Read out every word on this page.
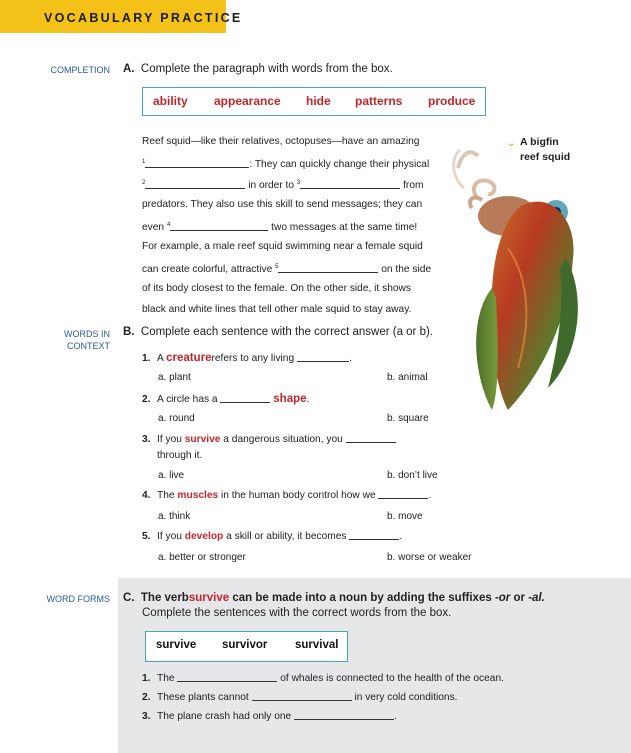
VOCABULARY PRACTICE
COMPLETION
WORDS IN
CONTEXT
WORD FORMS
A. Complete the paragraph with words from the box.
ability appearance hide patterns produce
Reef squid—like their relatives, octopuses—have an amazing
$^1$	: They can quickly change their physical
$^2$	in order to $^3$	from
predators. They also use this skill to send messages; they can
even $^4$	two messages at the same time!
For example, a male reef squid swimming near a female squid
can create colorful, attractive $^5$	on the side
of its body closest to the female. On the other side, it shows
black and white lines that tell other male squid to stay away.
⌄ A bigfin
reef squid
B. Complete each sentence with the correct answer (a or b).
1. A creaturerefers to any living	.
a. plant	b. animal
2. A circle has a	shape.
a. round	b. square
3. If you survive a dangerous situation, you
through it.
a. live	b. don’t live
4. The muscles in the human body control how we	.
a. think	b. move
5. If you develop a skill or ability, it becomes	.
a. better or stronger	b. worse or weaker
C. The verbsurvive can be made into a noun by adding the suffixes -or or -al.
Complete the sentences with the correct words from the box.
survive survivor survival
1. The	of whales is connected to the health of the ocean.
2. These plants cannot	in very cold conditions.
3. The plane crash had only one	.
